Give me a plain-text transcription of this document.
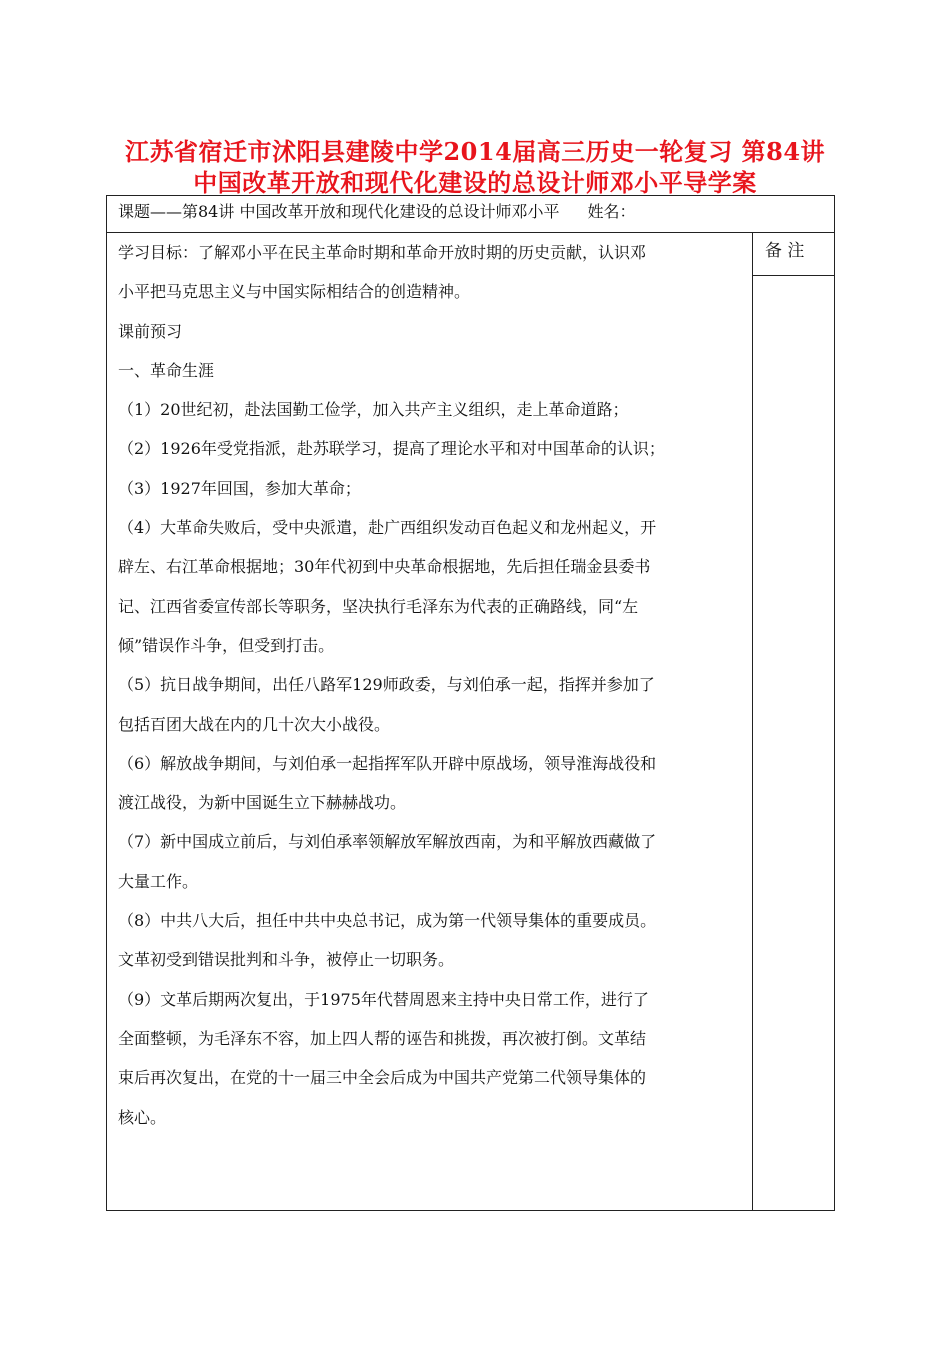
江苏省宿迁市沭阳县建陵中学2014届高三历史一轮复习 第84讲
中国改革开放和现代化建设的总设计师邓小平导学案
课题——第84讲 中国改革开放和现代化建设的总设计师邓小平 姓名：
备 注
学习目标：了解邓小平在民主革命时期和革命开放时期的历史贡献，认识邓
小平把马克思主义与中国实际相结合的创造精神。
课前预习
一、革命生涯
（1）20世纪初，赴法国勤工俭学，加入共产主义组织，走上革命道路；
（2）1926年受党指派，赴苏联学习，提高了理论水平和对中国革命的认识；
（3）1927年回国，参加大革命；
（4）大革命失败后，受中央派遣，赴广西组织发动百色起义和龙州起义，开
辟左、右江革命根据地；30年代初到中央革命根据地，先后担任瑞金县委书
记、江西省委宣传部长等职务，坚决执行毛泽东为代表的正确路线，同“左
倾”错误作斗争，但受到打击。
（5）抗日战争期间，出任八路军129师政委，与刘伯承一起，指挥并参加了
包括百团大战在内的几十次大小战役。
（6）解放战争期间，与刘伯承一起指挥军队开辟中原战场，领导淮海战役和
渡江战役，为新中国诞生立下赫赫战功。
（7）新中国成立前后，与刘伯承率领解放军解放西南，为和平解放西藏做了
大量工作。
（8）中共八大后，担任中共中央总书记，成为第一代领导集体的重要成员。
文革初受到错误批判和斗争，被停止一切职务。
（9）文革后期两次复出，于1975年代替周恩来主持中央日常工作，进行了
全面整顿，为毛泽东不容，加上四人帮的诬告和挑拨，再次被打倒。文革结
束后再次复出，在党的十一届三中全会后成为中国共产党第二代领导集体的
核心。
